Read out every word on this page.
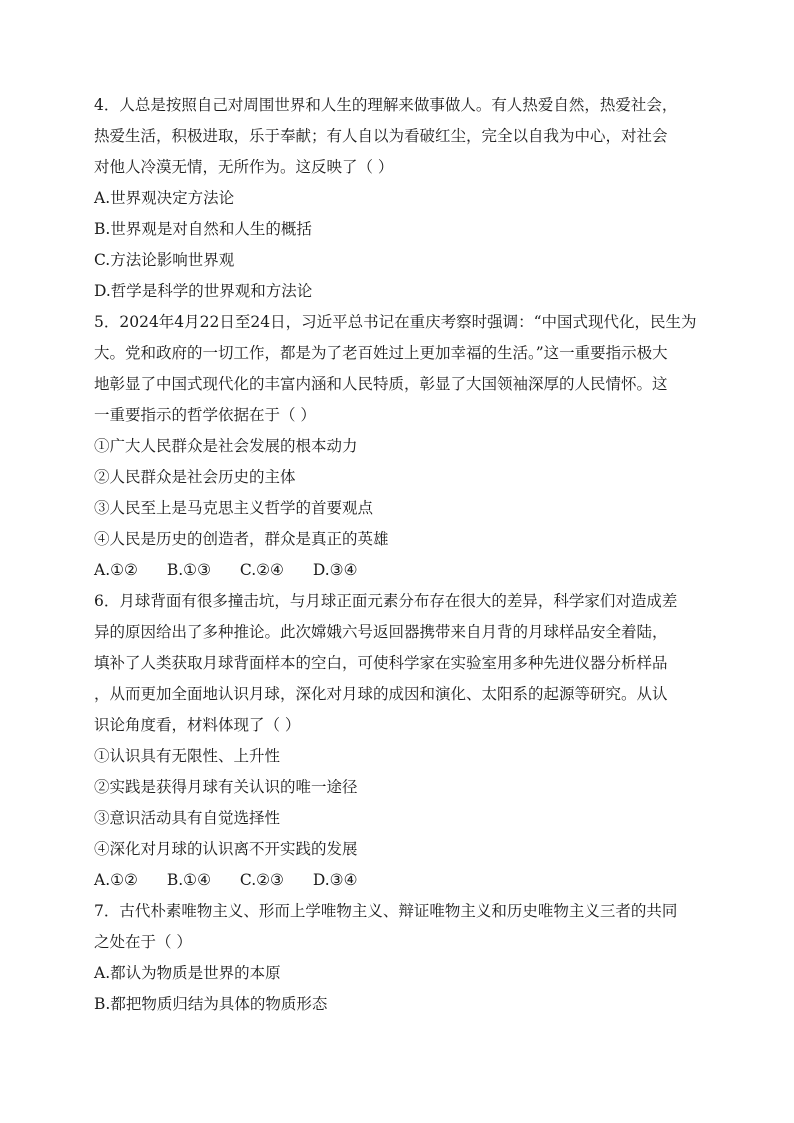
4．人总是按照自己对周围世界和人生的理解来做事做人。有人热爱自然，热爱社会，
热爱生活，积极进取，乐于奉献；有人自以为看破红尘，完全以自我为中心，对社会
对他人冷漠无情，无所作为。这反映了（ ）
A.世界观决定方法论
B.世界观是对自然和人生的概括
C.方法论影响世界观
D.哲学是科学的世界观和方法论
5．2024年4月22日至24日，习近平总书记在重庆考察时强调：“中国式现代化，民生为
大。党和政府的一切工作，都是为了老百姓过上更加幸福的生活。”这一重要指示极大
地彰显了中国式现代化的丰富内涵和人民特质，彰显了大国领袖深厚的人民情怀。这
一重要指示的哲学依据在于（ ）
①广大人民群众是社会发展的根本动力
②人民群众是社会历史的主体
③人民至上是马克思主义哲学的首要观点
④人民是历史的创造者，群众是真正的英雄
A.①② B.①③ C.②④ D.③④
6．月球背面有很多撞击坑，与月球正面元素分布存在很大的差异，科学家们对造成差
异的原因给出了多种推论。此次嫦娥六号返回器携带来自月背的月球样品安全着陆，
填补了人类获取月球背面样本的空白，可使科学家在实验室用多种先进仪器分析样品
，从而更加全面地认识月球，深化对月球的成因和演化、太阳系的起源等研究。从认
识论角度看，材料体现了（ ）
①认识具有无限性、上升性
②实践是获得月球有关认识的唯一途径
③意识活动具有自觉选择性
④深化对月球的认识离不开实践的发展
A.①② B.①④ C.②③ D.③④
7．古代朴素唯物主义、形而上学唯物主义、辩证唯物主义和历史唯物主义三者的共同
之处在于（ ）
A.都认为物质是世界的本原
B.都把物质归结为具体的物质形态
